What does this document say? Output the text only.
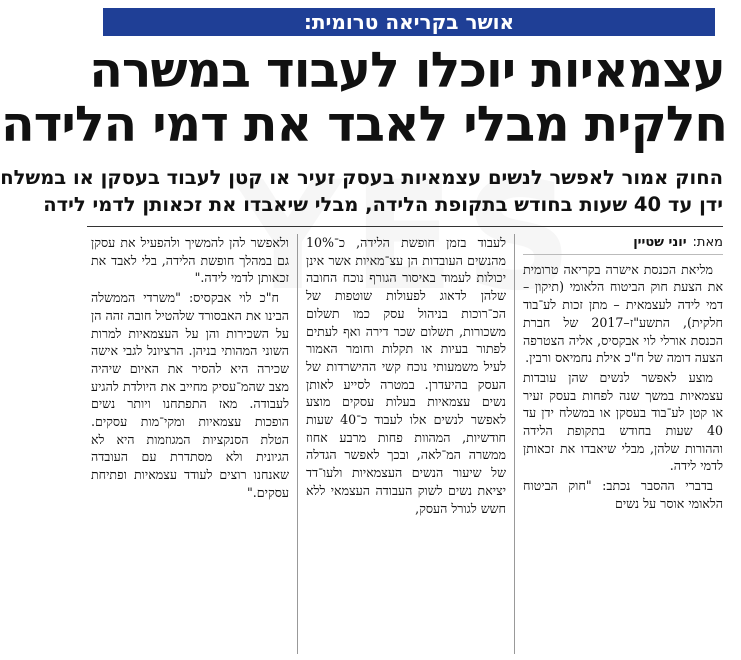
אושר בקריאה טרומית:
עצמאיות יוכלו לעבוד במשרה
חלקית מבלי לאבד את דמי הלידה
החוק אמור לאפשר לנשים עצמאיות בעסק זעיר או קטן לעבוד בעסקן או במשלח
ידן עד 40 שעות בחודש בתקופת הלידה, מבלי שיאבדו את זכאותן לדמי לידה
מאת:
יוני שטיין

מליאת הכנסת אישרה בקריאה טרומית את הצעת חוק הביטוח הלאומי (תיקון – דמי לידה לעצמאית – מתן זכות לע־בוד חלקית), התשע"ז–2017 של חברת הכנסת אורלי לוי אבקסיס, אליה הצטרפה הצעה דומה של ח"כ אילת נחמיאס ורבין.

מוצע לאפשר לנשים שהן עובדות עצמאיות במשך שנה לפחות בעסק זעיר או קטן לע־בוד בעסקן או במשלח ידן עד 40 שעות בחודש בתקופת הלידה וההורות שלהן, מבלי שיאבדו את זכאותן לדמי לידה.

בדברי ההסבר נכתב: "חוק הביטוח הלאומי אוסר על נשים

לעבוד בזמן חופשת הלידה, כ־10% מהנשים העובדות הן עצ־מאיות אשר אינן יכולות לעמוד באיסור הגורף נוכח החובה שלהן לדאוג לפעולות שוטפות של הכ־רוכות בניהול עסק כמו תשלום משכורות, תשלום שכר דירה ואף לעתים לפתור בעיות או תקלות וחומר האמור לעיל משמעותי נוכח קשי ההישרדות של העסק בהיעדרן. במטרה לסייע לאותן נשים עצמאיות בעלות עסקים מוצע לאפשר לנשים אלו לעבוד כ־40 שעות חודשיות, המהוות פחות מרבע אחוז ממשרה המ־לאה, ובכך לאפשר הגדלה של שיעור הנשים העצמאיות ולעו־דד יציאת נשים לשוק העבודה העצמאי ללא חשש לגורל העסק,

ולאפשר להן להמשיך ולהפעיל את עסקן גם במהלך חופשת הלידה, בלי לאבד את זכאותן לדמי לידה."

ח"כ לוי אבקסיס: "משרדי הממשלה הבינו את האבסורד שלהטיל חובה זהה הן על השכירות והן על העצמאיות למרות השוני המהותי בניהן. הרציונל לגבי אישה שכירה היא להסיר את האיום שיהיה מצב שהמ־עסיק מחייב את היולדת להגיע לעבודה. מאז התפתחנו ויותר נשים הופכות עצמאיות ומקי־מות עסקים. הטלת הסנקציות המגוזמות היא לא הגיונית ולא מסתדרת עם העובדה שאנחנו רוצים לעודד עצמאיות ופתיחת עסקים."
